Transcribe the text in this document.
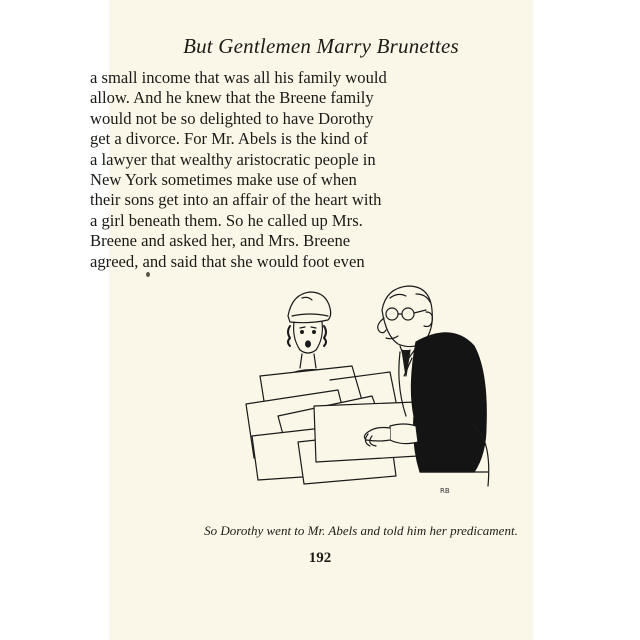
But Gentlemen Marry Brunettes
a small income that was all his family would
allow. And he knew that the Breene family
would not be so delighted to have Dorothy
get a divorce. For Mr. Abels is the kind of
a lawyer that wealthy aristocratic people in
New York sometimes make use of when
their sons get into an affair of the heart with
a girl beneath them. So he called up Mrs.
Breene and asked her, and Mrs. Breene
agreed, and said that she would foot even
RB
So Dorothy went to Mr. Abels and told him her predicament.
192
